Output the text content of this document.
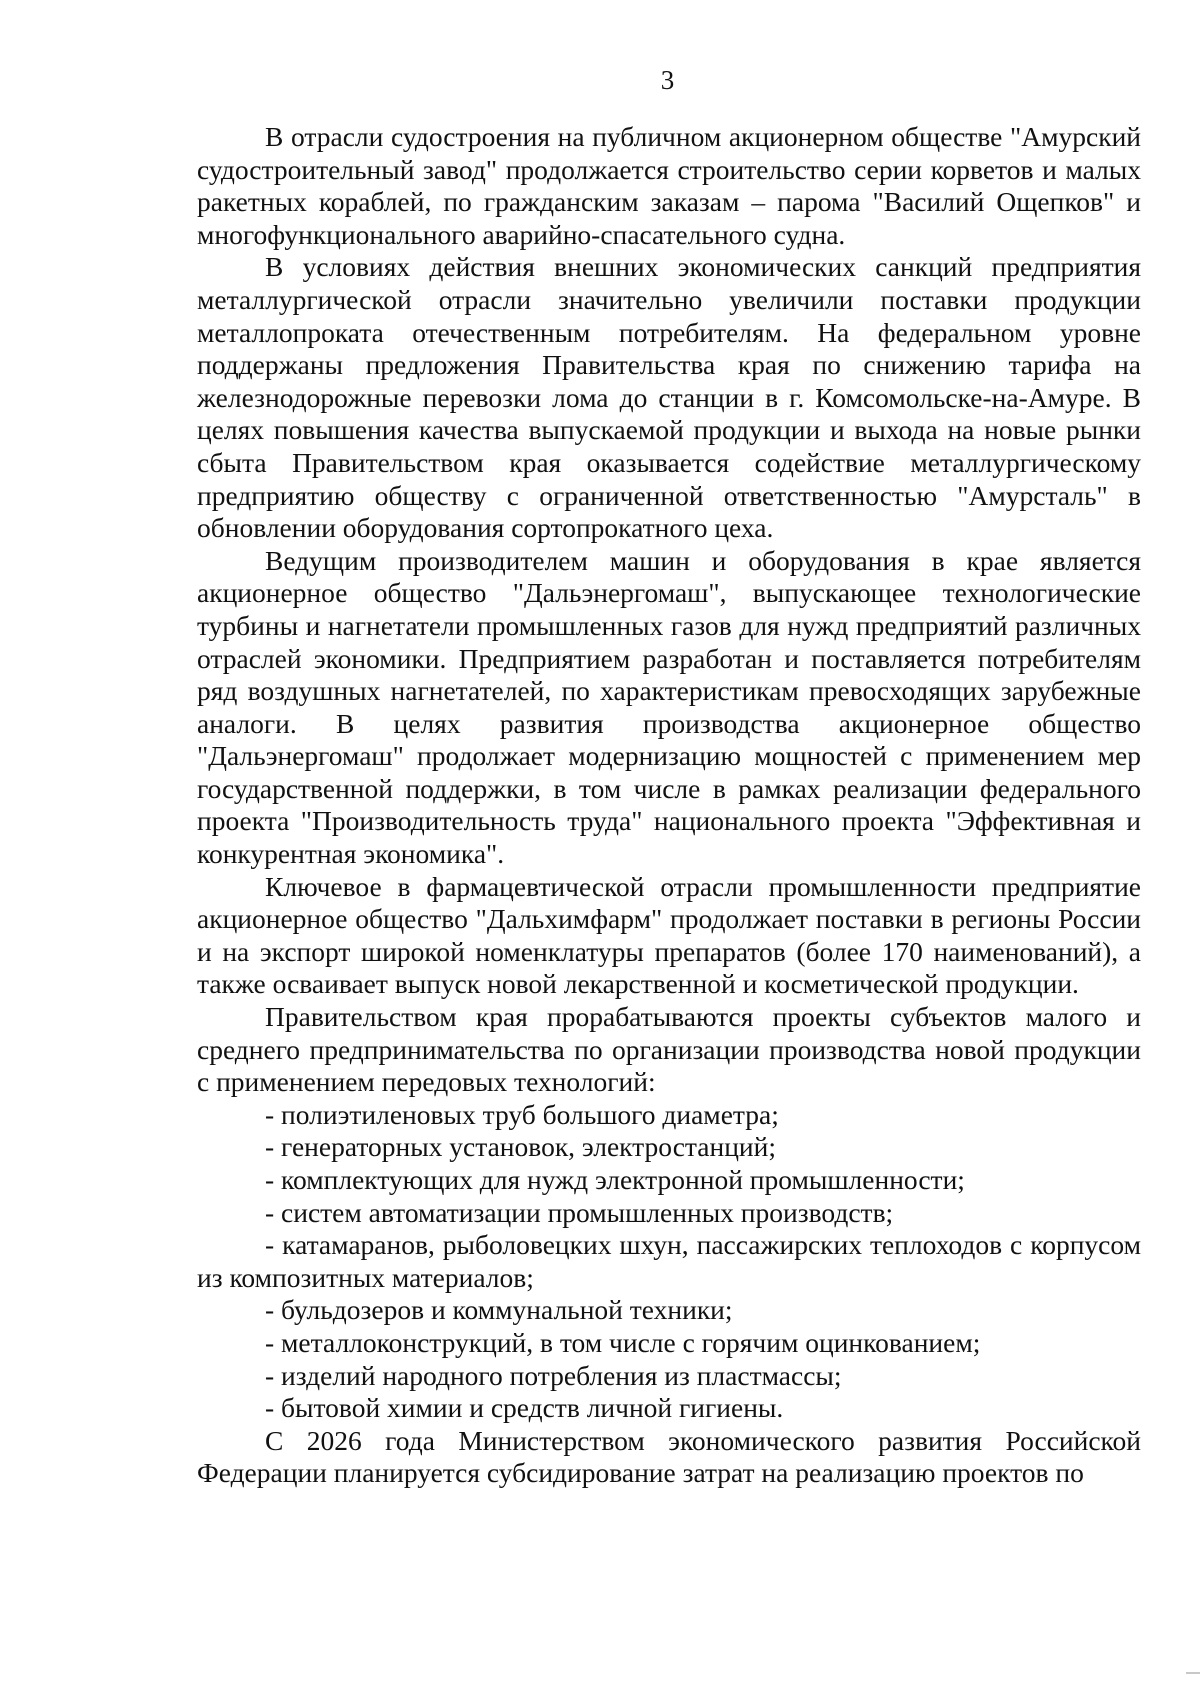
3

В отрасли судостроения на публичном акционерном обществе "Амурский судостроительный завод" продолжается строительство серии корветов и малых ракетных кораблей, по гражданским заказам – парома "Василий Ощепков" и многофункционального аварийно-спасательного судна.

В условиях действия внешних экономических санкций предприятия металлургической отрасли значительно увеличили поставки продукции металлопроката отечественным потребителям. На федеральном уровне поддержаны предложения Правительства края по снижению тарифа на железнодорожные перевозки лома до станции в г. Комсомольске-на-Амуре. В целях повышения качества выпускаемой продукции и выхода на новые рынки сбыта Правительством края оказывается содействие металлургическому предприятию обществу с ограниченной ответственностью "Амурсталь" в обновлении оборудования сортопрокатного цеха.

Ведущим производителем машин и оборудования в крае является акционерное общество "Дальэнергомаш", выпускающее технологические турбины и нагнетатели промышленных газов для нужд предприятий различных отраслей экономики. Предприятием разработан и поставляется потребителям ряд воздушных нагнетателей, по характеристикам превосходящих зарубежные аналоги. В целях развития производства акционерное общество "Дальэнергомаш" продолжает модернизацию мощностей с применением мер государственной поддержки, в том числе в рамках реализации федерального проекта "Производительность труда" национального проекта "Эффективная и конкурентная экономика".

Ключевое в фармацевтической отрасли промышленности предприятие акционерное общество "Дальхимфарм" продолжает поставки в регионы России и на экспорт широкой номенклатуры препаратов (более 170 наименований), а также осваивает выпуск новой лекарственной и косметической продукции.

Правительством края прорабатываются проекты субъектов малого и среднего предпринимательства по организации производства новой продукции с применением передовых технологий:

- полиэтиленовых труб большого диаметра;

- генераторных установок, электростанций;

- комплектующих для нужд электронной промышленности;

- систем автоматизации промышленных производств;

- катамаранов, рыболовецких шхун, пассажирских теплоходов с корпусом из композитных материалов;

- бульдозеров и коммунальной техники;

- металлоконструкций, в том числе с горячим оцинкованием;

- изделий народного потребления из пластмассы;

- бытовой химии и средств личной гигиены.

С 2026 года Министерством экономического развития Российской Федерации планируется субсидирование затрат на реализацию проектов по
